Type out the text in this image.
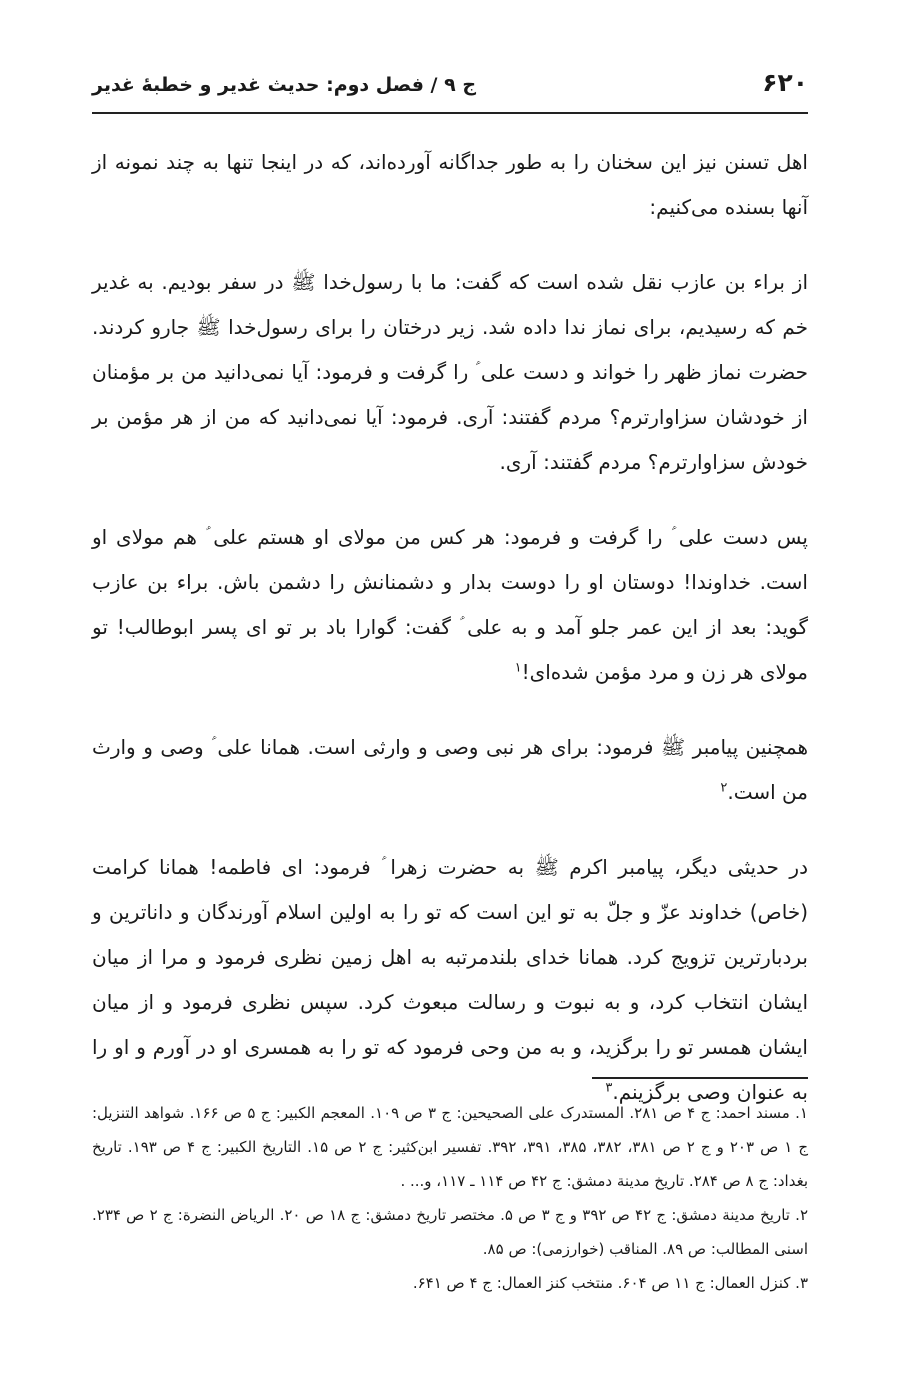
۶۲۰
ج ۹ / فصل دوم: حدیث غدیر و خطبهٔ غدیر

اهل تسنن نیز این سخنان را به طور جداگانه آورده‌اند، که در اینجا تنها به چند نمونه از آنها بسنده می‌کنیم:

از براء بن عازب نقل شده است که گفت: ما با رسول‌خدا ﷺ در سفر بودیم. به غدیر خم که رسیدیم، برای نماز ندا داده شد. زیر درختان را برای رسول‌خدا ﷺ جارو کردند. حضرت نماز ظهر را خواند و دست علی ؑ را گرفت و فرمود: آیا نمی‌دانید من بر مؤمنان از خودشان سزاوارترم؟ مردم گفتند: آری. فرمود: آیا نمی‌دانید که من از هر مؤمن بر خودش سزاوارترم؟ مردم گفتند: آری.

پس دست علی ؑ را گرفت و فرمود: هر کس من مولای او هستم علی ؑ هم مولای او است. خداوندا! دوستان او را دوست بدار و دشمنانش را دشمن باش. براء بن عازب گوید: بعد از این عمر جلو آمد و به علی ؑ گفت: گوارا باد بر تو ای پسر ابوطالب! تو مولای هر زن و مرد مؤمن شده‌ای!$^۱$

همچنین پیامبر ﷺ فرمود: برای هر نبی وصی و وارثی است. همانا علی ؑ وصی و وارث من است.$^۲$

در حدیثی دیگر، پیامبر اکرم ﷺ به حضرت زهرا ؑ فرمود: ای فاطمه! همانا کرامت (خاص) خداوند عزّ و جلّ به تو این است که تو را به اولین اسلام آورندگان و داناترین و بردبارترین تزویج کرد. همانا خدای بلندمرتبه به اهل زمین نظری فرمود و مرا از میان ایشان انتخاب کرد، و به نبوت و رسالت مبعوث کرد. سپس نظری فرمود و از میان ایشان همسر تو را برگزید، و به من وحی فرمود که تو را به همسری او در آورم و او را به عنوان وصی برگزینم.$^۳$

۱. مسند احمد: ج ۴ ص ۲۸۱. المستدرک علی الصحیحین: ج ۳ ص ۱۰۹. المعجم الکبیر: ج ۵ ص ۱۶۶. شواهد التنزیل: ج ۱ ص ۲۰۳ و ج ۲ ص ۳۸۱، ۳۸۲، ۳۸۵، ۳۹۱، ۳۹۲. تفسیر ابن‌کثیر: ج ۲ ص ۱۵. التاریخ الکبیر: ج ۴ ص ۱۹۳. تاریخ بغداد: ج ۸ ص ۲۸۴. تاریخ مدینة دمشق: ج ۴۲ ص ۱۱۴ ـ ۱۱۷، و... .

۲. تاریخ مدینة دمشق: ج ۴۲ ص ۳۹۲ و ج ۳ ص ۵. مختصر تاریخ دمشق: ج ۱۸ ص ۲۰. الریاض النضرة: ج ۲ ص ۲۳۴. اسنی المطالب: ص ۸۹. المناقب (خوارزمی): ص ۸۵.

۳. کنزل العمال: ج ۱۱ ص ۶۰۴. منتخب کنز العمال: ج ۴ ص ۶۴۱.
